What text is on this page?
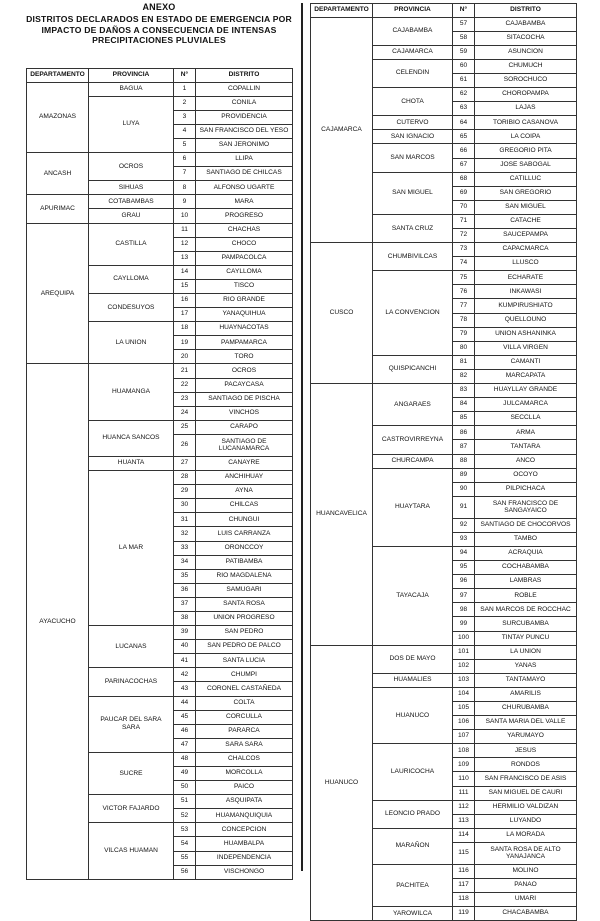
ANEXO
DISTRITOS DECLARADOS EN ESTADO DE EMERGENCIA POR IMPACTO DE DAÑOS A CONSECUENCIA DE INTENSAS PRECIPITACIONES PLUVIALES
DEPARTAMENTO	PROVINCIA	N°	DISTRITO
AMAZONAS	BAGUA	1	COPALLIN
	LUYA	2	CONILA
		3	PROVIDENCIA
		4	SAN FRANCISCO DEL YESO
		5	SAN JERONIMO
ANCASH	OCROS	6	LLIPA
		7	SANTIAGO DE CHILCAS
	SIHUAS	8	ALFONSO UGARTE
APURIMAC	COTABAMBAS	9	MARA
	GRAU	10	PROGRESO
AREQUIPA	CASTILLA	11	CHACHAS
		12	CHOCO
		13	PAMPACOLCA
	CAYLLOMA	14	CAYLLOMA
		15	TISCO
	CONDESUYOS	16	RIO GRANDE
		17	YANAQUIHUA
	LA UNION	18	HUAYNACOTAS
		19	PAMPAMARCA
		20	TORO
AYACUCHO	HUAMANGA	21	OCROS
		22	PACAYCASA
		23	SANTIAGO DE PISCHA
		24	VINCHOS
	HUANCA SANCOS	25	CARAPO
		26	SANTIAGO DE LUCANAMARCA
	HUANTA	27	CANAYRE
	LA MAR	28	ANCHIHUAY
		29	AYNA
		30	CHILCAS
		31	CHUNGUI
		32	LUIS CARRANZA
		33	ORONCCOY
		34	PATIBAMBA
		35	RIO MAGDALENA
		36	SAMUGARI
		37	SANTA ROSA
		38	UNION PROGRESO
	LUCANAS	39	SAN PEDRO
		40	SAN PEDRO DE PALCO
		41	SANTA LUCIA
	PARINACOCHAS	42	CHUMPI
		43	CORONEL CASTAÑEDA
	PAUCAR DEL SARA SARA	44	COLTA
		45	CORCULLA
		46	PARARCA
		47	SARA SARA
	SUCRE	48	CHALCOS
		49	MORCOLLA
		50	PAICO
	VICTOR FAJARDO	51	ASQUIPATA
		52	HUAMANQUIQUIA
	VILCAS HUAMAN	53	CONCEPCION
		54	HUAMBALPA
		55	INDEPENDENCIA
		56	VISCHONGO
DEPARTAMENTO	PROVINCIA	N°	DISTRITO
CAJAMARCA	CAJABAMBA	57	CAJABAMBA
		58	SITACOCHA
	CAJAMARCA	59	ASUNCION
	CELENDIN	60	CHUMUCH
		61	SOROCHUCO
	CHOTA	62	CHOROPAMPA
		63	LAJAS
	CUTERVO	64	TORIBIO CASANOVA
	SAN IGNACIO	65	LA COIPA
	SAN MARCOS	66	GREGORIO PITA
		67	JOSE SABOGAL
	SAN MIGUEL	68	CATILLUC
		69	SAN GREGORIO
		70	SAN MIGUEL
	SANTA CRUZ	71	CATACHE
		72	SAUCEPAMPA
CUSCO	CHUMBIVILCAS	73	CAPACMARCA
		74	LLUSCO
	LA CONVENCION	75	ECHARATE
		76	INKAWASI
		77	KUMPIRUSHIATO
		78	QUELLOUNO
		79	UNION ASHANINKA
		80	VILLA VIRGEN
	QUISPICANCHI	81	CAMANTI
		82	MARCAPATA
HUANCAVELICA	ANGARAES	83	HUAYLLAY GRANDE
		84	JULCAMARCA
		85	SECCLLA
	CASTROVIRREYNA	86	ARMA
		87	TANTARA
	CHURCAMPA	88	ANCO
	HUAYTARA	89	OCOYO
		90	PILPICHACA
		91	SAN FRANCISCO DE SANGAYAICO
		92	SANTIAGO DE CHOCORVOS
		93	TAMBO
	TAYACAJA	94	ACRAQUIA
		95	COCHABAMBA
		96	LAMBRAS
		97	ROBLE
		98	SAN MARCOS DE ROCCHAC
		99	SURCUBAMBA
		100	TINTAY PUNCU
HUANUCO	DOS DE MAYO	101	LA UNION
		102	YANAS
	HUAMALIES	103	TANTAMAYO
	HUANUCO	104	AMARILIS
		105	CHURUBAMBA
		106	SANTA MARIA DEL VALLE
		107	YARUMAYO
	LAURICOCHA	108	JESUS
		109	RONDOS
		110	SAN FRANCISCO DE ASIS
		111	SAN MIGUEL DE CAURI
	LEONCIO PRADO	112	HERMILIO VALDIZAN
		113	LUYANDO
	MARAÑON	114	LA MORADA
		115	SANTA ROSA DE ALTO YANAJANCA
	PACHITEA	116	MOLINO
		117	PANAO
		118	UMARI
	YAROWILCA	119	CHACABAMBA
